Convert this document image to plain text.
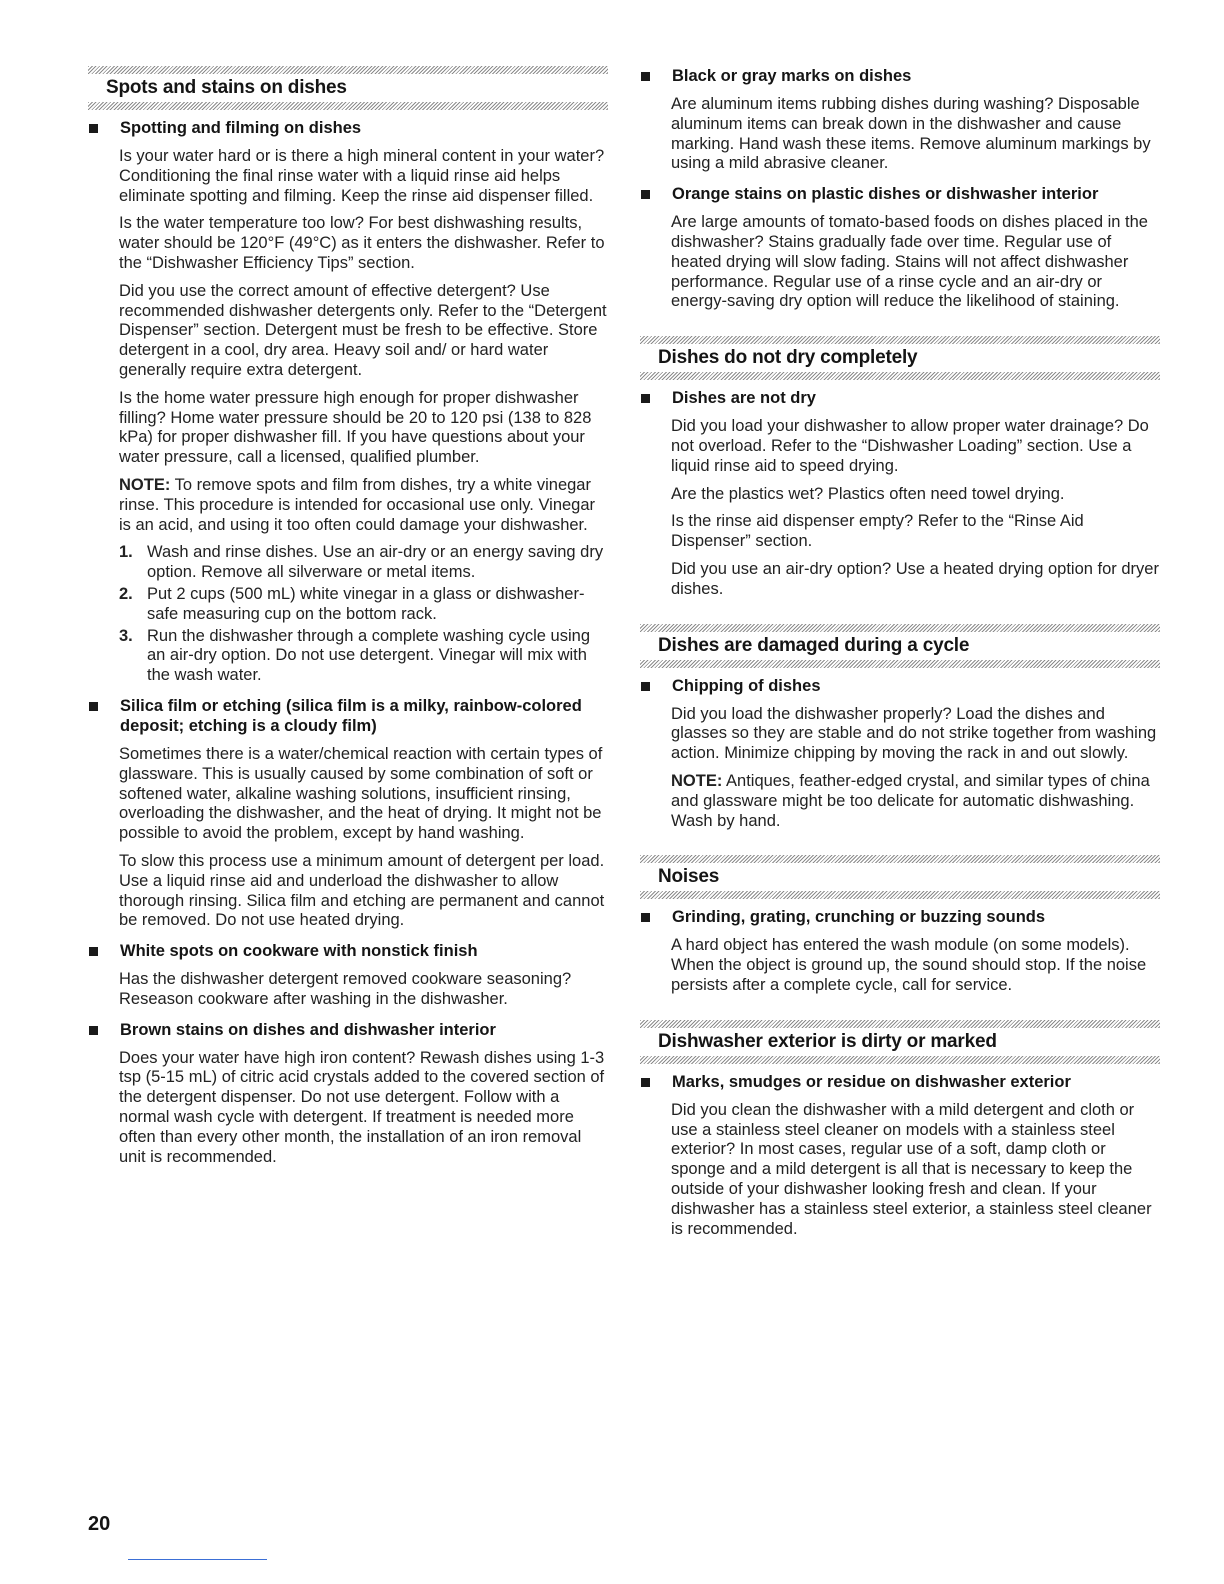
Spots and stains on dishes
Spotting and filming on dishes

Is your water hard or is there a high mineral content in your water? Conditioning the final rinse water with a liquid rinse aid helps eliminate spotting and filming. Keep the rinse aid dispenser filled.

Is the water temperature too low? For best dishwashing results, water should be 120°F (49°C) as it enters the dishwasher. Refer to the “Dishwasher Efficiency Tips” section.

Did you use the correct amount of effective detergent? Use recommended dishwasher detergents only. Refer to the “Detergent Dispenser” section. Detergent must be fresh to be effective. Store detergent in a cool, dry area. Heavy soil and/ or hard water generally require extra detergent.

Is the home water pressure high enough for proper dishwasher filling? Home water pressure should be 20 to 120 psi (138 to 828 kPa) for proper dishwasher fill. If you have questions about your water pressure, call a licensed, qualified plumber.

NOTE: To remove spots and film from dishes, try a white vinegar rinse. This procedure is intended for occasional use only. Vinegar is an acid, and using it too often could damage your dishwasher.

1. Wash and rinse dishes. Use an air-dry or an energy saving dry option. Remove all silverware or metal items.
2. Put 2 cups (500 mL) white vinegar in a glass or dishwasher-safe measuring cup on the bottom rack.
3. Run the dishwasher through a complete washing cycle using an air-dry option. Do not use detergent. Vinegar will mix with the wash water.
Silica film or etching (silica film is a milky, rainbow-colored deposit; etching is a cloudy film)

Sometimes there is a water/chemical reaction with certain types of glassware. This is usually caused by some combination of soft or softened water, alkaline washing solutions, insufficient rinsing, overloading the dishwasher, and the heat of drying. It might not be possible to avoid the problem, except by hand washing.

To slow this process use a minimum amount of detergent per load. Use a liquid rinse aid and underload the dishwasher to allow thorough rinsing. Silica film and etching are permanent and cannot be removed. Do not use heated drying.

White spots on cookware with nonstick finish

Has the dishwasher detergent removed cookware seasoning? Reseason cookware after washing in the dishwasher.

Brown stains on dishes and dishwasher interior

Does your water have high iron content? Rewash dishes using 1-3 tsp (5-15 mL) of citric acid crystals added to the covered section of the detergent dispenser. Do not use detergent. Follow with a normal wash cycle with detergent. If treatment is needed more often than every other month, the installation of an iron removal unit is recommended.

Black or gray marks on dishes

Are aluminum items rubbing dishes during washing? Disposable aluminum items can break down in the dishwasher and cause marking. Hand wash these items. Remove aluminum markings by using a mild abrasive cleaner.

Orange stains on plastic dishes or dishwasher interior

Are large amounts of tomato-based foods on dishes placed in the dishwasher? Stains gradually fade over time. Regular use of heated drying will slow fading. Stains will not affect dishwasher performance. Regular use of a rinse cycle and an air-dry or energy-saving dry option will reduce the likelihood of staining.

Dishes do not dry completely
Dishes are not dry

Did you load your dishwasher to allow proper water drainage? Do not overload. Refer to the “Dishwasher Loading” section. Use a liquid rinse aid to speed drying.

Are the plastics wet? Plastics often need towel drying.

Is the rinse aid dispenser empty? Refer to the “Rinse Aid Dispenser” section.

Did you use an air-dry option? Use a heated drying option for dryer dishes.

Dishes are damaged during a cycle
Chipping of dishes

Did you load the dishwasher properly? Load the dishes and glasses so they are stable and do not strike together from washing action. Minimize chipping by moving the rack in and out slowly.

NOTE: Antiques, feather-edged crystal, and similar types of china and glassware might be too delicate for automatic dishwashing. Wash by hand.

Noises
Grinding, grating, crunching or buzzing sounds

A hard object has entered the wash module (on some models). When the object is ground up, the sound should stop. If the noise persists after a complete cycle, call for service.

Dishwasher exterior is dirty or marked
Marks, smudges or residue on dishwasher exterior

Did you clean the dishwasher with a mild detergent and cloth or use a stainless steel cleaner on models with a stainless steel exterior? In most cases, regular use of a soft, damp cloth or sponge and a mild detergent is all that is necessary to keep the outside of your dishwasher looking fresh and clean. If your dishwasher has a stainless steel exterior, a stainless steel cleaner is recommended.

20
